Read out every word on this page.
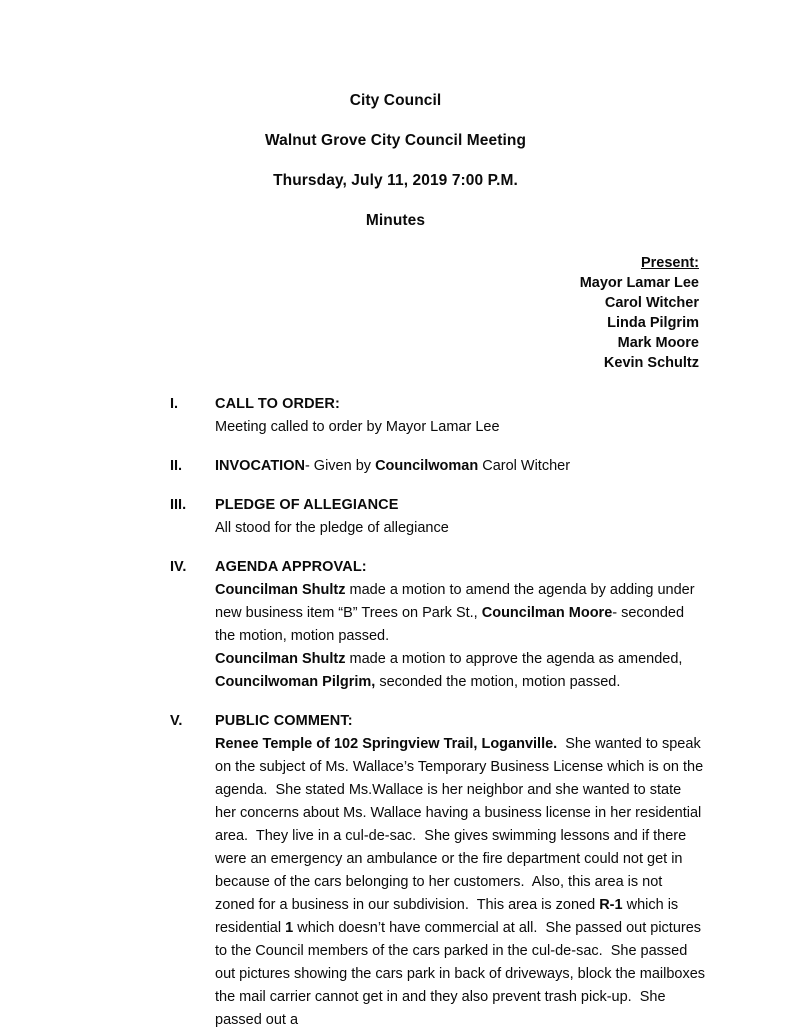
City Council
Walnut Grove City Council Meeting
Thursday, July 11, 2019 7:00 P.M.
Minutes
Present:
Mayor Lamar Lee
Carol Witcher
Linda Pilgrim
Mark Moore
Kevin Schultz
I.	CALL TO ORDER:
Meeting called to order by Mayor Lamar Lee
II.	INVOCATION- Given by Councilwoman Carol Witcher
III.	PLEDGE OF ALLEGIANCE
All stood for the pledge of allegiance
IV.	AGENDA APPROVAL:
Councilman Shultz made a motion to amend the agenda by adding under new business item “B” Trees on Park St., Councilman Moore- seconded the motion, motion passed.
Councilman Shultz made a motion to approve the agenda as amended, Councilwoman Pilgrim, seconded the motion, motion passed.
V.	PUBLIC COMMENT:
Renee Temple of 102 Springview Trail, Loganville.  She wanted to speak on the subject of Ms. Wallace’s Temporary Business License which is on the agenda.  She stated Ms.Wallace is her neighbor and she wanted to state her concerns about Ms. Wallace having a business license in her residential area.  They live in a cul-de-sac.  She gives swimming lessons and if there were an emergency an ambulance or the fire department could not get in because of the cars belonging to her customers.  Also, this area is not zoned for a business in our subdivision.  This area is zoned R-1 which is residential 1 which doesn’t have commercial at all.  She passed out pictures to the Council members of the cars parked in the cul-de-sac.  She passed out pictures showing the cars park in back of driveways, block the mailboxes the mail carrier cannot get in and they also prevent trash pick-up.  She passed out a
